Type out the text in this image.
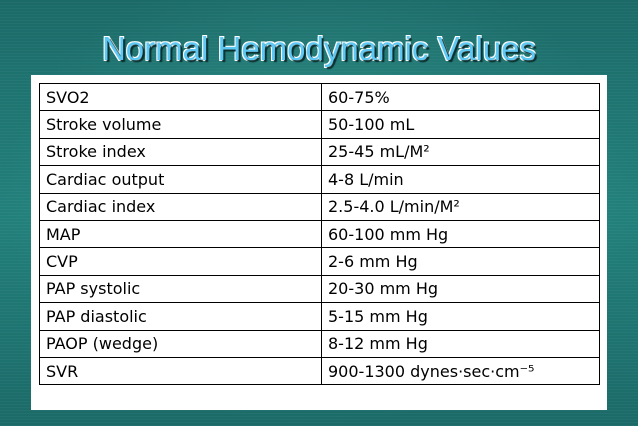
Normal Hemodynamic Values
SVO2	60-75%
Stroke volume	50-100 mL
Stroke index	25-45 mL/M²
Cardiac output	4-8 L/min
Cardiac index	2.5-4.0 L/min/M²
MAP	60-100 mm Hg
CVP	2-6 mm Hg
PAP systolic	20-30 mm Hg
PAP diastolic	5-15 mm Hg
PAOP (wedge)	8-12 mm Hg
SVR	900-1300 dynes·sec·cm⁻⁵
